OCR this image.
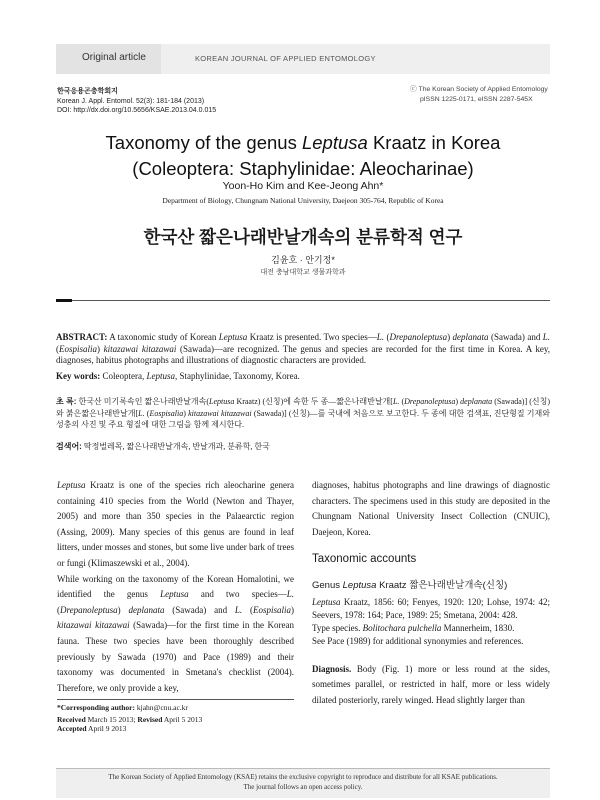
Original article	KOREAN JOURNAL OF APPLIED ENTOMOLOGY
한국응용곤충학회지
Korean J. Appl. Entomol. 52(3): 181-184 (2013)
DOI: http://dx.doi.org/10.5656/KSAE.2013.04.0.015
ⓒ The Korean Society of Applied Entomology
pISSN 1225-0171, eISSN 2287-545X
Taxonomy of the genus Leptusa Kraatz in Korea
(Coleoptera: Staphylinidae: Aleocharinae)
Yoon-Ho Kim and Kee-Jeong Ahn*
Department of Biology, Chungnam National University, Daejeon 305-764, Republic of Korea
한국산 짧은나래반날개속의 분류학적 연구
김윤호 · 안기정*
대전 충남대학교 생물과학과
ABSTRACT: A taxonomic study of Korean Leptusa Kraatz is presented. Two species—L. (Drepanoleptusa) deplanata (Sawada) and L. (Eospisalia) kitazawai kitazawai (Sawada)—are recognized. The genus and species are recorded for the first time in Korea. A key, diagnoses, habitus photographs and illustrations of diagnostic characters are provided.
Key words: Coleoptera, Leptusa, Staphylinidae, Taxonomy, Korea.
초 록: 한국산 미기록속인 짧은나래반날개속(Leptusa Kraatz) (신칭)에 속한 두 종—짧은나래반날개[L. (Drepanoleptusa) deplanata (Sawada)] (신칭)와 붉은짧은나래반날개[L. (Eospisalia) kitazawai kitazawai (Sawada)] (신칭)—를 국내에 처음으로 보고한다. 두 종에 대한 검색표, 진단형질 기재와 성충의 사진 및 주요 형질에 대한 그림을 함께 제시한다.
검색어: 딱정벌레목, 짧은나래반날개속, 반날개과, 분류학, 한국

Leptusa Kraatz is one of the species rich aleocharine genera containing 410 species from the World (Newton and Thayer, 2005) and more than 350 species in the Palaearctic region (Assing, 2009). Many species of this genus are found in leaf litters, under mosses and stones, but some live under bark of trees or fungi (Klimaszewski et al., 2004).

While working on the taxonomy of the Korean Homalotini, we identified the genus Leptusa and two species—L. (Drepanoleptusa) deplanata (Sawada) and L. (Eospisalia) kitazawai kitazawai (Sawada)—for the first time in the Korean fauna. These two species have been thoroughly described previously by Sawada (1970) and Pace (1989) and their taxonomy was documented in Smetana's checklist (2004). Therefore, we only provide a key,

diagnoses, habitus photographs and line drawings of diagnostic characters. The specimens used in this study are deposited in the Chungnam National University Insect Collection (CNUIC), Daejeon, Korea.

Taxonomic accounts
Genus Leptusa Kraatz 짧은나래반날개속(신칭)

Leptusa Kraatz, 1856: 60; Fenyes, 1920: 120; Lohse, 1974: 42; Seevers, 1978: 164; Pace, 1989: 25; Smetana, 2004: 428.

Type species. Bolitochara pulchella Mannerheim, 1830.

See Pace (1989) for additional synonymies and references.

Diagnosis. Body (Fig. 1) more or less round at the sides, sometimes parallel, or restricted in half, more or less widely dilated posteriorly, rarely winged. Head slightly larger than

*Corresponding author: kjahn@cnu.ac.kr
Received March 15 2013; Revised April 5 2013
Accepted April 9 2013
The Korean Society of Applied Entomology (KSAE) retains the exclusive copyright to reproduce and distribute for all KSAE publications.
The journal follows an open access policy.
